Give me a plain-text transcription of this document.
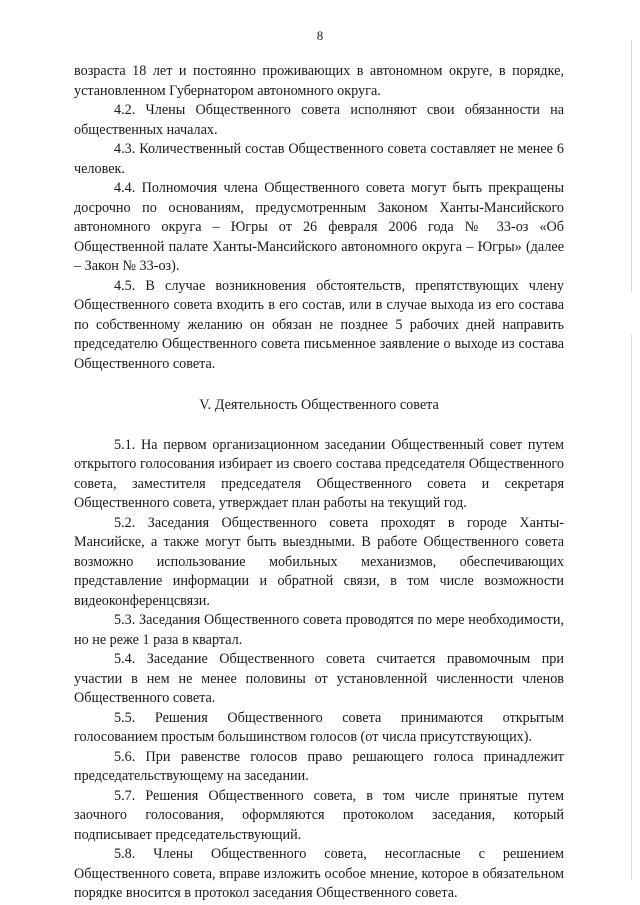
8

возраста 18 лет и постоянно проживающих в автономном округе, в порядке, установленном Губернатором автономного округа.

4.2. Члены Общественного совета исполняют свои обязанности на общественных началах.

4.3. Количественный состав Общественного совета составляет не менее 6 человек.

4.4. Полномочия члена Общественного совета могут быть прекращены досрочно по основаниям, предусмотренным Законом Ханты-Мансийского автономного округа – Югры от 26 февраля 2006 года № 33-оз «Об Общественной палате Ханты-Мансийского автономного округа – Югры» (далее – Закон № 33-оз).

4.5. В случае возникновения обстоятельств, препятствующих члену Общественного совета входить в его состав, или в случае выхода из его состава по собственному желанию он обязан не позднее 5 рабочих дней направить председателю Общественного совета письменное заявление о выходе из состава Общественного совета.

V. Деятельность Общественного совета

5.1. На первом организационном заседании Общественный совет путем открытого голосования избирает из своего состава председателя Общественного совета, заместителя председателя Общественного совета и секретаря Общественного совета, утверждает план работы на текущий год.

5.2. Заседания Общественного совета проходят в городе Ханты-Мансийске, а также могут быть выездными. В работе Общественного совета возможно использование мобильных механизмов, обеспечивающих представление информации и обратной связи, в том числе возможности видеоконференцсвязи.

5.3. Заседания Общественного совета проводятся по мере необходимости, но не реже 1 раза в квартал.

5.4. Заседание Общественного совета считается правомочным при участии в нем не менее половины от установленной численности членов Общественного совета.

5.5. Решения Общественного совета принимаются открытым голосованием простым большинством голосов (от числа присутствующих).

5.6. При равенстве голосов право решающего голоса принадлежит председательствующему на заседании.

5.7. Решения Общественного совета, в том числе принятые путем заочного голосования, оформляются протоколом заседания, который подписывает председательствующий.

5.8. Члены Общественного совета, несогласные с решением Общественного совета, вправе изложить особое мнение, которое в обязательном порядке вносится в протокол заседания Общественного совета.
